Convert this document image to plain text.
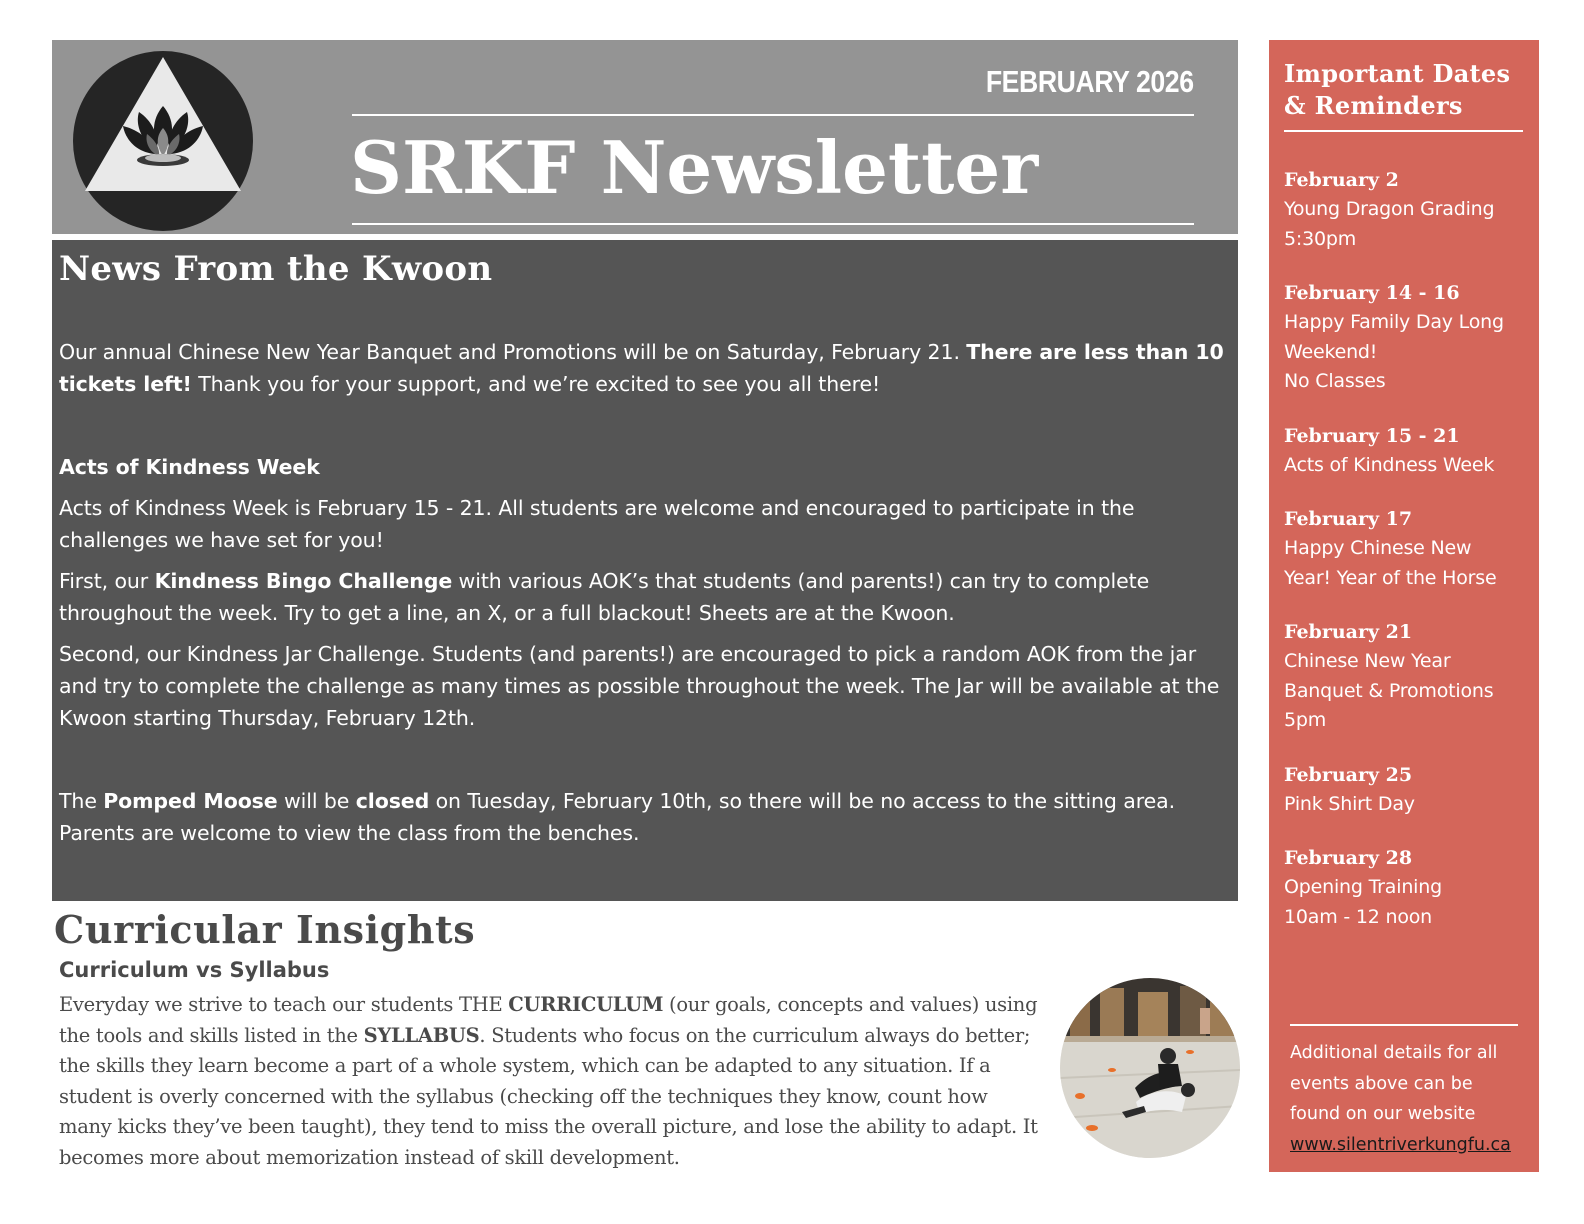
FEBRUARY 2026
SRKF Newsletter
News From the Kwoon

Our annual Chinese New Year Banquet and Promotions will be on Saturday, February 21. There are less than 10 tickets left! Thank you for your support, and we’re excited to see you all there!

Acts of Kindness Week

Acts of Kindness Week is February 15 - 21. All students are welcome and encouraged to participate in the challenges we have set for you!

First, our Kindness Bingo Challenge with various AOK’s that students (and parents!) can try to complete throughout the week. Try to get a line, an X, or a full blackout! Sheets are at the Kwoon.

Second, our Kindness Jar Challenge. Students (and parents!) are encouraged to pick a random AOK from the jar and try to complete the challenge as many times as possible throughout the week. The Jar will be available at the Kwoon starting Thursday, February 12th.

The Pomped Moose will be closed on Tuesday, February 10th, so there will be no access to the sitting area. Parents are welcome to view the class from the benches.

Curricular Insights
Curriculum vs Syllabus
Everyday we strive to teach our students THE CURRICULUM (our goals, concepts and values) using the tools and skills listed in the SYLLABUS. Students who focus on the curriculum always do better; the skills they learn become a part of a whole system, which can be adapted to any situation. If a student is overly concerned with the syllabus (checking off the techniques they know, count how many kicks they’ve been taught), they tend to miss the overall picture, and lose the ability to adapt. It becomes more about memorization instead of skill development.
Important Dates
& Reminders
February 2
Young Dragon Grading
5:30pm
February 14 - 16
Happy Family Day Long
Weekend!
No Classes
February 15 - 21
Acts of Kindness Week
February 17
Happy Chinese New
Year! Year of the Horse
February 21
Chinese New Year
Banquet & Promotions
5pm
February 25
Pink Shirt Day
February 28
Opening Training
10am - 12 noon
Additional details for all
events above can be
found on our website
www.silentriverkungfu.ca
